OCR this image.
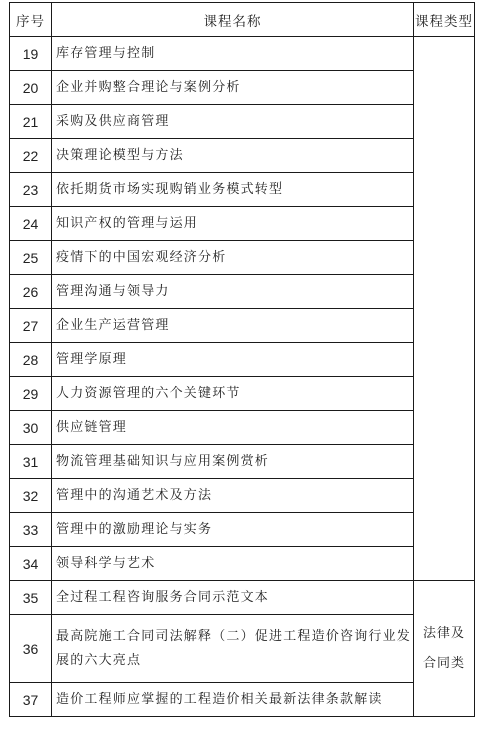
序号	课程名称	课程类型
19	库存管理与控制	
20	企业并购整合理论与案例分析	
21	采购及供应商管理	
22	决策理论模型与方法	
23	依托期货市场实现购销业务模式转型	
24	知识产权的管理与运用	
25	疫情下的中国宏观经济分析	
26	管理沟通与领导力	
27	企业生产运营管理	
28	管理学原理	
29	人力资源管理的六个关键环节	
30	供应链管理	
31	物流管理基础知识与应用案例赏析	
32	管理中的沟通艺术及方法	
33	管理中的激励理论与实务	
34	领导科学与艺术	
35	全过程工程咨询服务合同示范文本	法律及合同类

36	最高院施工合同司法解释（二）促进工程造价咨询行业发展的六大亮点	
37	造价工程师应掌握的工程造价相关最新法律条款解读	
